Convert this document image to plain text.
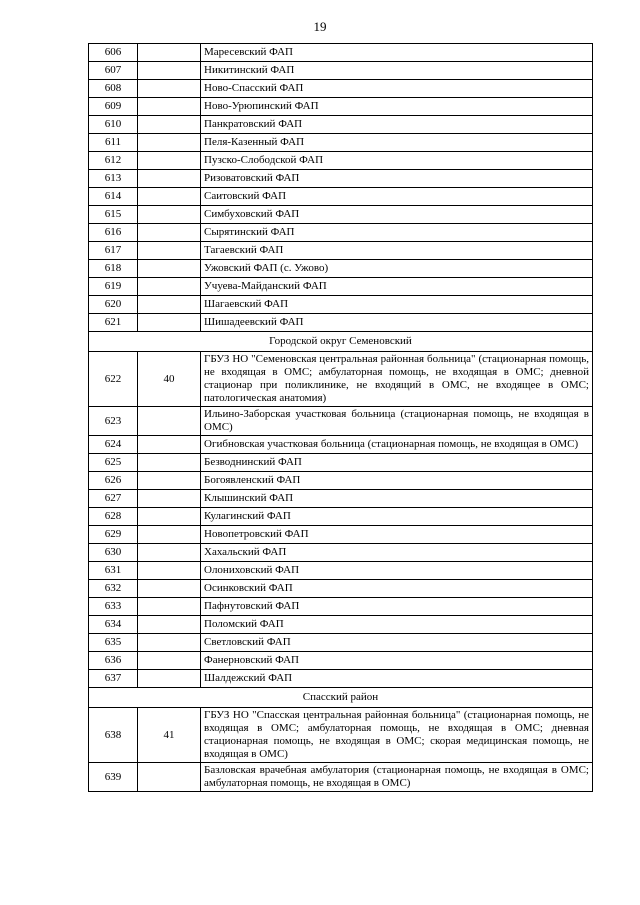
19
606		Маресевский ФАП
607		Никитинский ФАП
608		Ново-Спасский ФАП
609		Ново-Урюпинский ФАП
610		Панкратовский ФАП
611		Пеля-Казенный ФАП
612		Пузско-Слободской ФАП
613		Ризоватовский ФАП
614		Саитовский ФАП
615		Симбуховский ФАП
616		Сырятинский ФАП
617		Тагаевский ФАП
618		Ужовский ФАП (с. Ужово)
619		Учуева-Майданский ФАП
620		Шагаевский ФАП
621		Шишадеевский ФАП
Городской округ Семеновский		
622	40	ГБУЗ НО "Семеновская центральная районная больница" (стационарная помощь, не входящая в ОМС; амбулаторная помощь, не входящая в ОМС; дневной стационар при поликлинике, не входящий в ОМС, не входящее в ОМС; патологическая анатомия)
623		Ильино-Заборская участковая больница (стационарная помощь, не входящая в ОМС)
624		Огибновская участковая больница (стационарная помощь, не входящая в ОМС)
625		Безводнинский ФАП
626		Богоявленский ФАП
627		Клышинский ФАП
628		Кулагинский ФАП
629		Новопетровский ФАП
630		Хахальский ФАП
631		Олониховский ФАП
632		Осинковский ФАП
633		Пафнутовский ФАП
634		Поломский ФАП
635		Светловский ФАП
636		Фанерновский ФАП
637		Шалдежский ФАП
Спасский район		
638	41	ГБУЗ НО "Спасская центральная районная больница" (стационарная помощь, не входящая в ОМС; амбулаторная помощь, не входящая в ОМС; дневная стационарная помощь, не входящая в ОМС; скорая медицинская помощь, не входящая в ОМС)
639		Базловская врачебная амбулатория (стационарная помощь, не входящая в ОМС; амбулаторная помощь, не входящая в ОМС)
